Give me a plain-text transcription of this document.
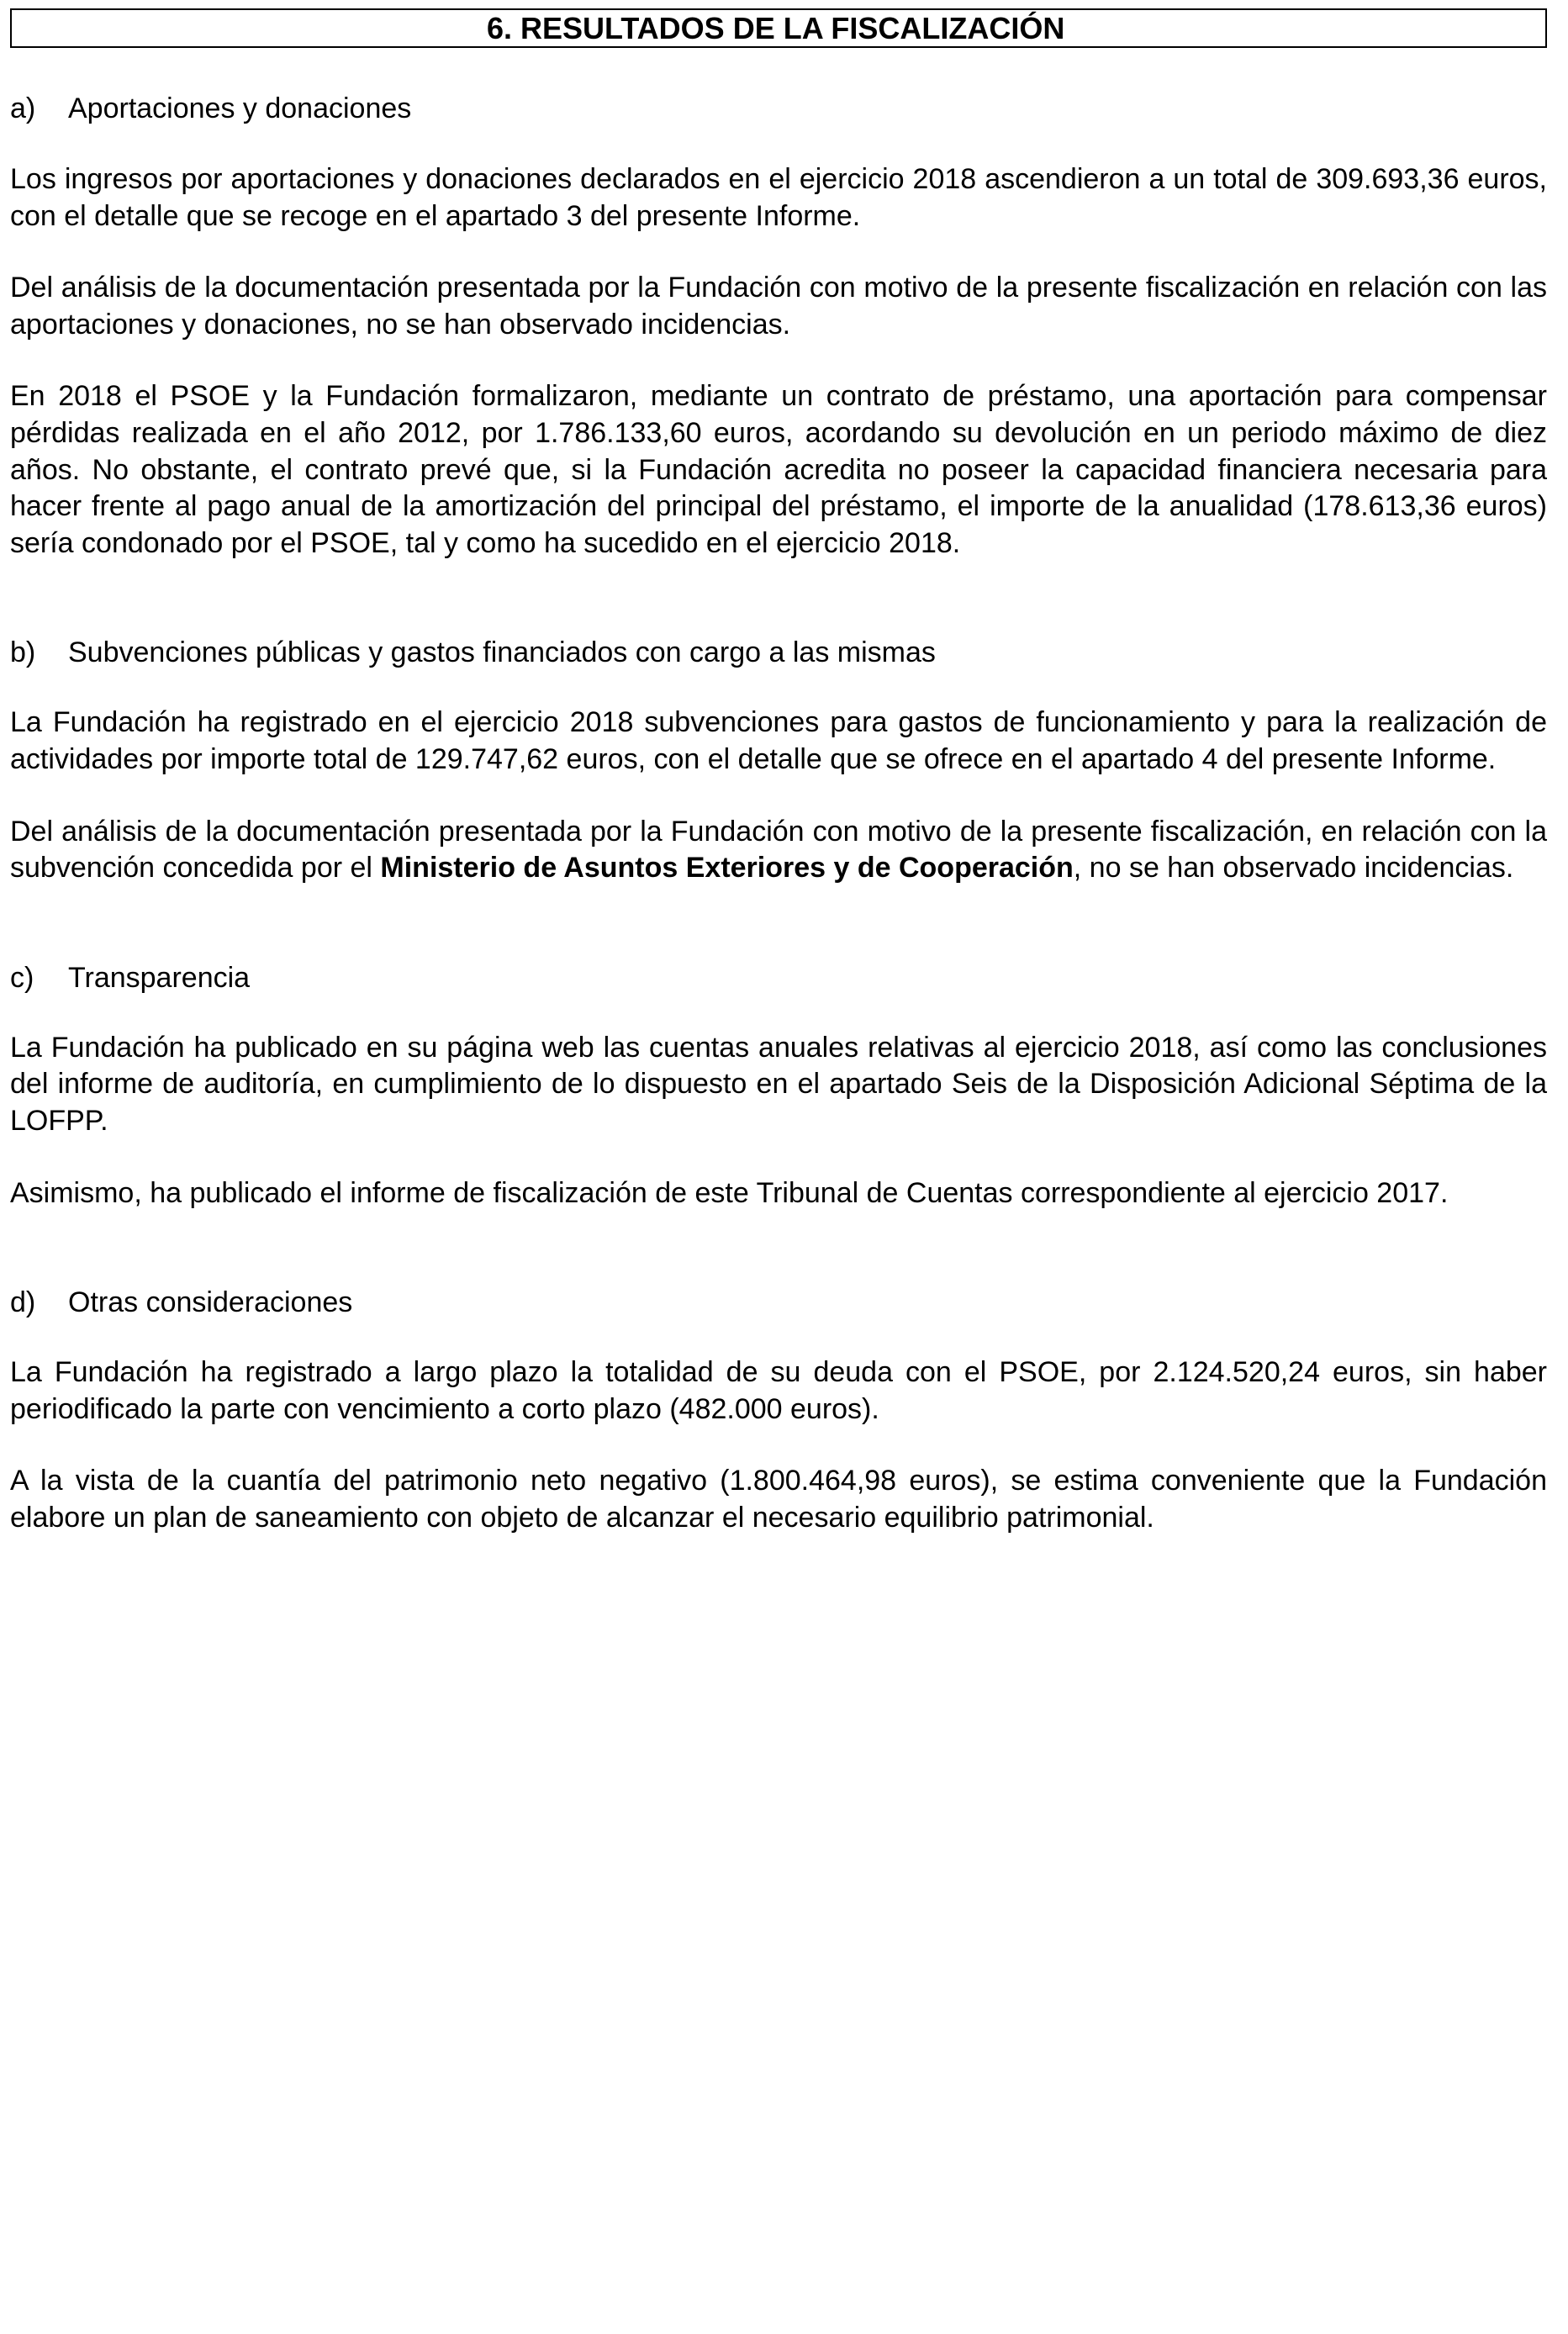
6. RESULTADOS DE LA FISCALIZACIÓN
a) Aportaciones y donaciones

Los ingresos por aportaciones y donaciones declarados en el ejercicio 2018 ascendieron a un total de 309.693,36 euros, con el detalle que se recoge en el apartado 3 del presente Informe.

Del análisis de la documentación presentada por la Fundación con motivo de la presente fiscalización en relación con las aportaciones y donaciones, no se han observado incidencias.

En 2018 el PSOE y la Fundación formalizaron, mediante un contrato de préstamo, una aportación para compensar pérdidas realizada en el año 2012, por 1.786.133,60 euros, acordando su devolución en un periodo máximo de diez años. No obstante, el contrato prevé que, si la Fundación acredita no poseer la capacidad financiera necesaria para hacer frente al pago anual de la amortización del principal del préstamo, el importe de la anualidad (178.613,36 euros) sería condonado por el PSOE, tal y como ha sucedido en el ejercicio 2018.

b) Subvenciones públicas y gastos financiados con cargo a las mismas

La Fundación ha registrado en el ejercicio 2018 subvenciones para gastos de funcionamiento y para la realización de actividades por importe total de 129.747,62 euros, con el detalle que se ofrece en el apartado 4 del presente Informe.

Del análisis de la documentación presentada por la Fundación con motivo de la presente fiscalización, en relación con la subvención concedida por el Ministerio de Asuntos Exteriores y de Cooperación, no se han observado incidencias.

c) Transparencia

La Fundación ha publicado en su página web las cuentas anuales relativas al ejercicio 2018, así como las conclusiones del informe de auditoría, en cumplimiento de lo dispuesto en el apartado Seis de la Disposición Adicional Séptima de la LOFPP.

Asimismo, ha publicado el informe de fiscalización de este Tribunal de Cuentas correspondiente al ejercicio 2017.

d) Otras consideraciones

La Fundación ha registrado a largo plazo la totalidad de su deuda con el PSOE, por 2.124.520,24 euros, sin haber periodificado la parte con vencimiento a corto plazo (482.000 euros).

A la vista de la cuantía del patrimonio neto negativo (1.800.464,98 euros), se estima conveniente que la Fundación elabore un plan de saneamiento con objeto de alcanzar el necesario equilibrio patrimonial.
